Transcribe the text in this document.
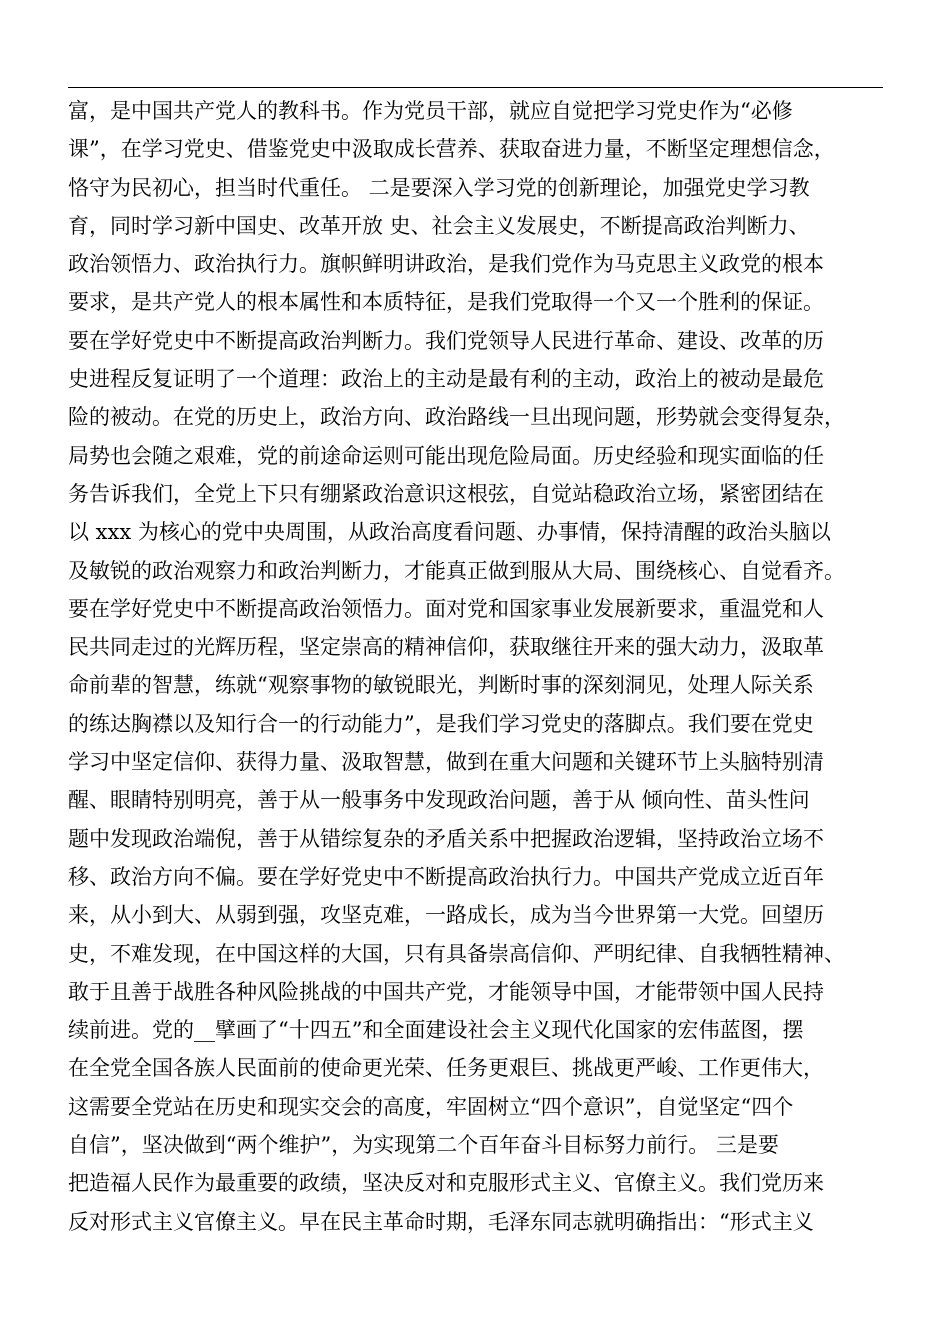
富，是中国共产党人的教科书。作为党员干部，就应自觉把学习党史作为“必修
课”，在学习党史、借鉴党史中汲取成长营养、获取奋进力量，不断坚定理想信念，
恪守为民初心，担当时代重任。 二是要深入学习党的创新理论，加强党史学习教
育，同时学习新中国史、改革开放 史、社会主义发展史，不断提高政治判断力、
政治领悟力、政治执行力。旗帜鲜明讲政治，是我们党作为马克思主义政党的根本
要求，是共产党人的根本属性和本质特征，是我们党取得一个又一个胜利的保证。
要在学好党史中不断提高政治判断力。我们党领导人民进行革命、建设、改革的历
史进程反复证明了一个道理：政治上的主动是最有利的主动，政治上的被动是最危
险的被动。在党的历史上，政治方向、政治路线一旦出现问题，形势就会变得复杂，
局势也会随之艰难，党的前途命运则可能出现危险局面。历史经验和现实面临的任
务告诉我们，全党上下只有绷紧政治意识这根弦，自觉站稳政治立场，紧密团结在
以 xxx 为核心的党中央周围，从政治高度看问题、办事情，保持清醒的政治头脑以
及敏锐的政治观察力和政治判断力，才能真正做到服从大局、围绕核心、自觉看齐。
要在学好党史中不断提高政治领悟力。面对党和国家事业发展新要求，重温党和人
民共同走过的光辉历程，坚定崇高的精神信仰，获取继往开来的强大动力，汲取革
命前辈的智慧，练就“观察事物的敏锐眼光，判断时事的深刻洞见，处理人际关系
的练达胸襟以及知行合一的行动能力”，是我们学习党史的落脚点。我们要在党史
学习中坚定信仰、获得力量、汲取智慧，做到在重大问题和关键环节上头脑特别清
醒、眼睛特别明亮，善于从一般事务中发现政治问题，善于从 倾向性、苗头性问
题中发现政治端倪，善于从错综复杂的矛盾关系中把握政治逻辑，坚持政治立场不
移、政治方向不偏。要在学好党史中不断提高政治执行力。中国共产党成立近百年
来，从小到大、从弱到强，攻坚克难，一路成长，成为当今世界第一大党。回望历
史，不难发现，在中国这样的大国，只有具备崇高信仰、严明纪律、自我牺牲精神、
敢于且善于战胜各种风险挑战的中国共产党，才能领导中国，才能带领中国人民持
续前进。党的__擘画了“十四五”和全面建设社会主义现代化国家的宏伟蓝图，摆
在全党全国各族人民面前的使命更光荣、任务更艰巨、挑战更严峻、工作更伟大，
这需要全党站在历史和现实交会的高度，牢固树立“四个意识”，自觉坚定“四个
自信”，坚决做到“两个维护”，为实现第二个百年奋斗目标努力前行。 三是要
把造福人民作为最重要的政绩，坚决反对和克服形式主义、官僚主义。我们党历来
反对形式主义官僚主义。早在民主革命时期，毛泽东同志就明确指出：“形式主义
